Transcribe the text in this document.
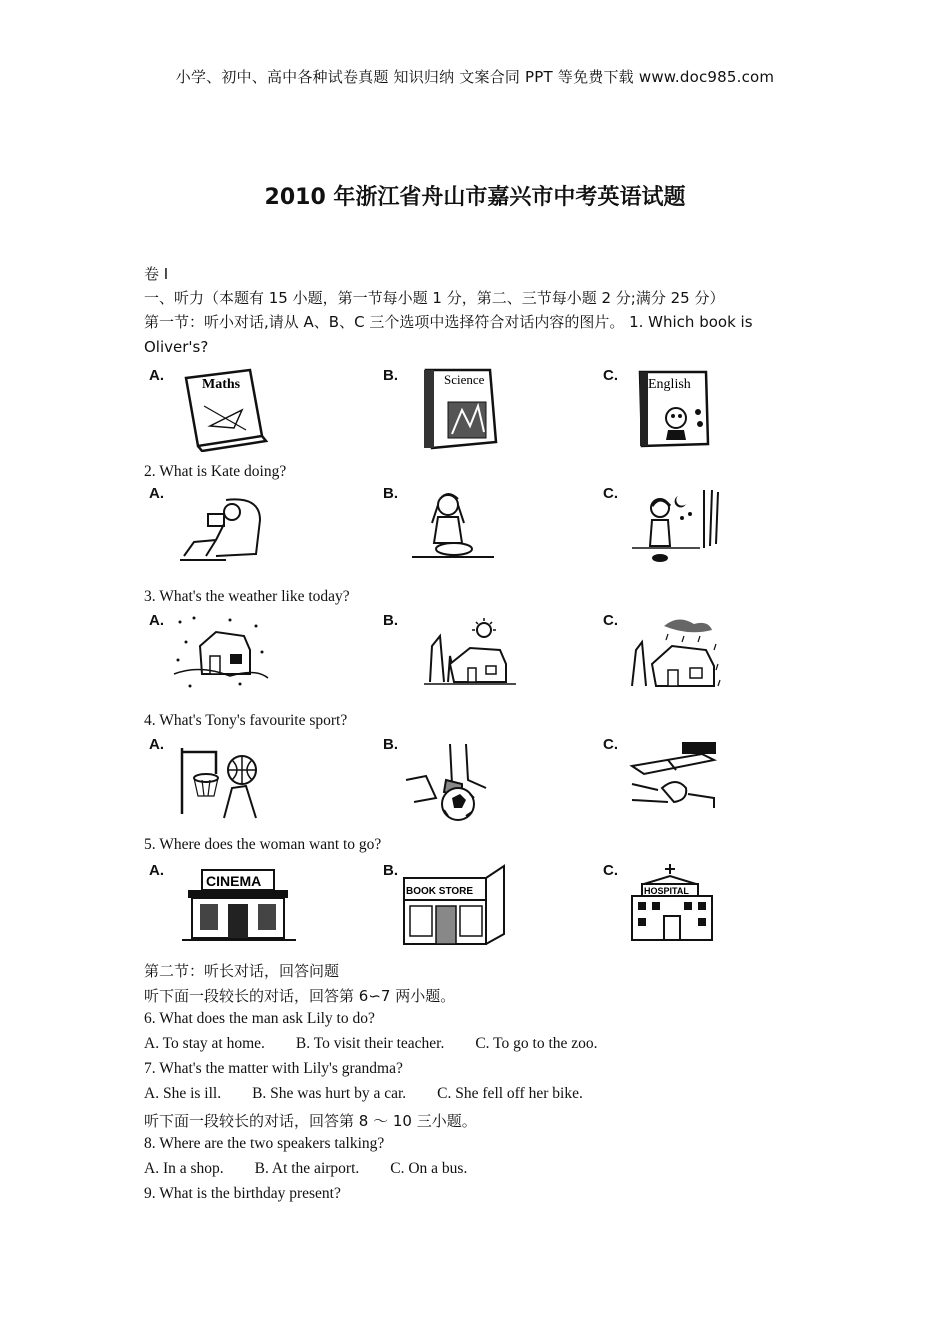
小学、初中、高中各种试卷真题 知识归纳 文案合同 PPT 等免费下载 www.doc985.com
2010 年浙江省舟山市嘉兴市中考英语试题
卷 I
一、听力（本题有 15 小题，第一节每小题 1 分，第二、三节每小题 2 分;满分 25 分）
第一节：听小对话,请从 A、B、C 三个选项中选择符合对话内容的图片。 1. Which book is Oliver's?
A.	B.	C.
Maths	Science	English
2. What is Kate doing?
A.	B.	C.
3. What's the weather like today?
A.	B.	C.
4. What's Tony's favourite sport?
A.	B.	C.
5. Where does the woman want to go?
A.	B.	C.
CINEMA
BOOK STORE	HOSPITAL
第二节：听长对话，回答问题
听下面一段较长的对话，回答第 6∽7 两小题。
6. What does the man ask Lily to do?
A. To stay at home.        B. To visit their teacher.        C. To go to the zoo.
7. What's the matter with Lily's grandma?
A. She is ill.        B. She was hurt by a car.        C. She fell off her bike.
听下面一段较长的对话，回答第 8 ～ 10 三小题。
8. Where are the two speakers talking?
A. In a shop.        B. At the airport.        C. On a bus.
9. What is the birthday present?
